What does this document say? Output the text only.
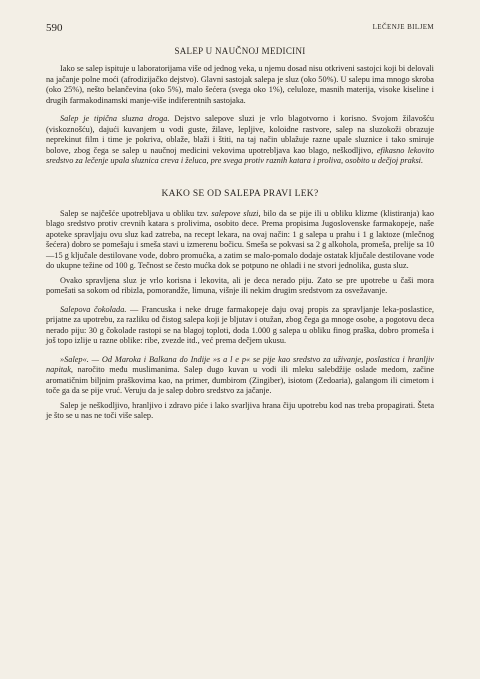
590	LEČENJE BILJEM
SALEP U NAUČNOJ MEDICINI

Iako se salep ispituje u laboratorijama više od jednog veka, u njemu dosad nisu otkriveni sastojci koji bi delovali na jačanje polne moći (afrodizijačko dejstvo). Glavni sastojak salepa je sluz (oko 50%). U salepu ima mnogo skroba (oko 25%), nešto belančevina (oko 5%), malo šećera (svega oko 1%), celuloze, masnih materija, visoke kiseline i drugih farmakodinamski manje-više indiferentnih sastojaka.

Salep je tipična sluzna droga. Dejstvo salepove sluzi je vrlo blagotvorno i korisno. Svojom žilavošću (viskoznošću), dajući kuvanjem u vodi guste, žilave, lepljive, koloidne rastvore, salep na sluzokoži obrazuje neprekinut film i time je pokriva, oblaže, blaži i štiti, na taj način ublažuje razne upale sluznice i tako smiruje bolove, zbog čega se salep u naučnoj medicini vekovima upotrebljava kao blago, neškodljivo, efikasno lekovito sredstvo za lečenje upala sluznica creva i želuca, pre svega protiv raznih katara i proliva, osobito u dečjoj praksi.

KAKO SE OD SALEPA PRAVI LEK?

Salep se najčešće upotrebljava u obliku tzv. salepove sluzi, bilo da se pije ili u obliku klizme (klistiranja) kao blago sredstvo protiv crevnih katara s prolivima, osobito dece. Prema propisima Jugoslovenske farmakopeje, naše apoteke spravljaju ovu sluz kad zatreba, na recept lekara, na ovaj način: 1 g salepa u prahu i 1 g laktoze (mlečnog šećera) dobro se pomešaju i smeša stavi u izmerenu bočicu. Smeša se pokvasi sa 2 g alkohola, promeša, prelije sa 10—15 g ključale destilovane vode, dobro promućka, a zatim se malo-pomalo dodaje ostatak ključale destilovane vode do ukupne težine od 100 g. Tečnost se često mućka dok se potpuno ne ohladi i ne stvori jednolika, gusta sluz.

Ovako spravljena sluz je vrlo korisna i lekovita, ali je deca nerado piju. Zato se pre upotrebe u čaši mora pomešati sa sokom od ribizla, pomorandže, limuna, višnje ili nekim drugim sredstvom za osvežavanje.

Salepova čokolada. — Francuska i neke druge farmakopeje daju ovaj propis za spravljanje leka-poslastice, prijatne za upotrebu, za razliku od čistog salepa koji je bljutav i otužan, zbog čega ga mnoge osobe, a pogotovu deca nerado piju: 30 g čokolade rastopi se na blagoj toploti, doda 1.000 g salepa u obliku finog praška, dobro promeša i još topo izlije u razne oblike: ribe, zvezde itd., već prema dečjem ukusu.

»Salep«. — Od Maroka i Balkana do Indije »s a l e p« se pije kao sredstvo za uživanje, poslastica i hranljiv napitak, naročito među muslimanima. Salep dugo kuvan u vodi ili mleku salebdžije oslade medom, začine aromatičnim biljnim praškovima kao, na primer, đumbirom (Zingiber), isiotom (Zedoaria), galangom ili cimetom i toče ga da se pije vruć. Veruju da je salep dobro sredstvo za jačanje.

Salep je neškodljivo, hranljivo i zdravo piće i lako svarljiva hrana čiju upotrebu kod nas treba propagirati. Šteta je što se u nas ne toči više salep.
